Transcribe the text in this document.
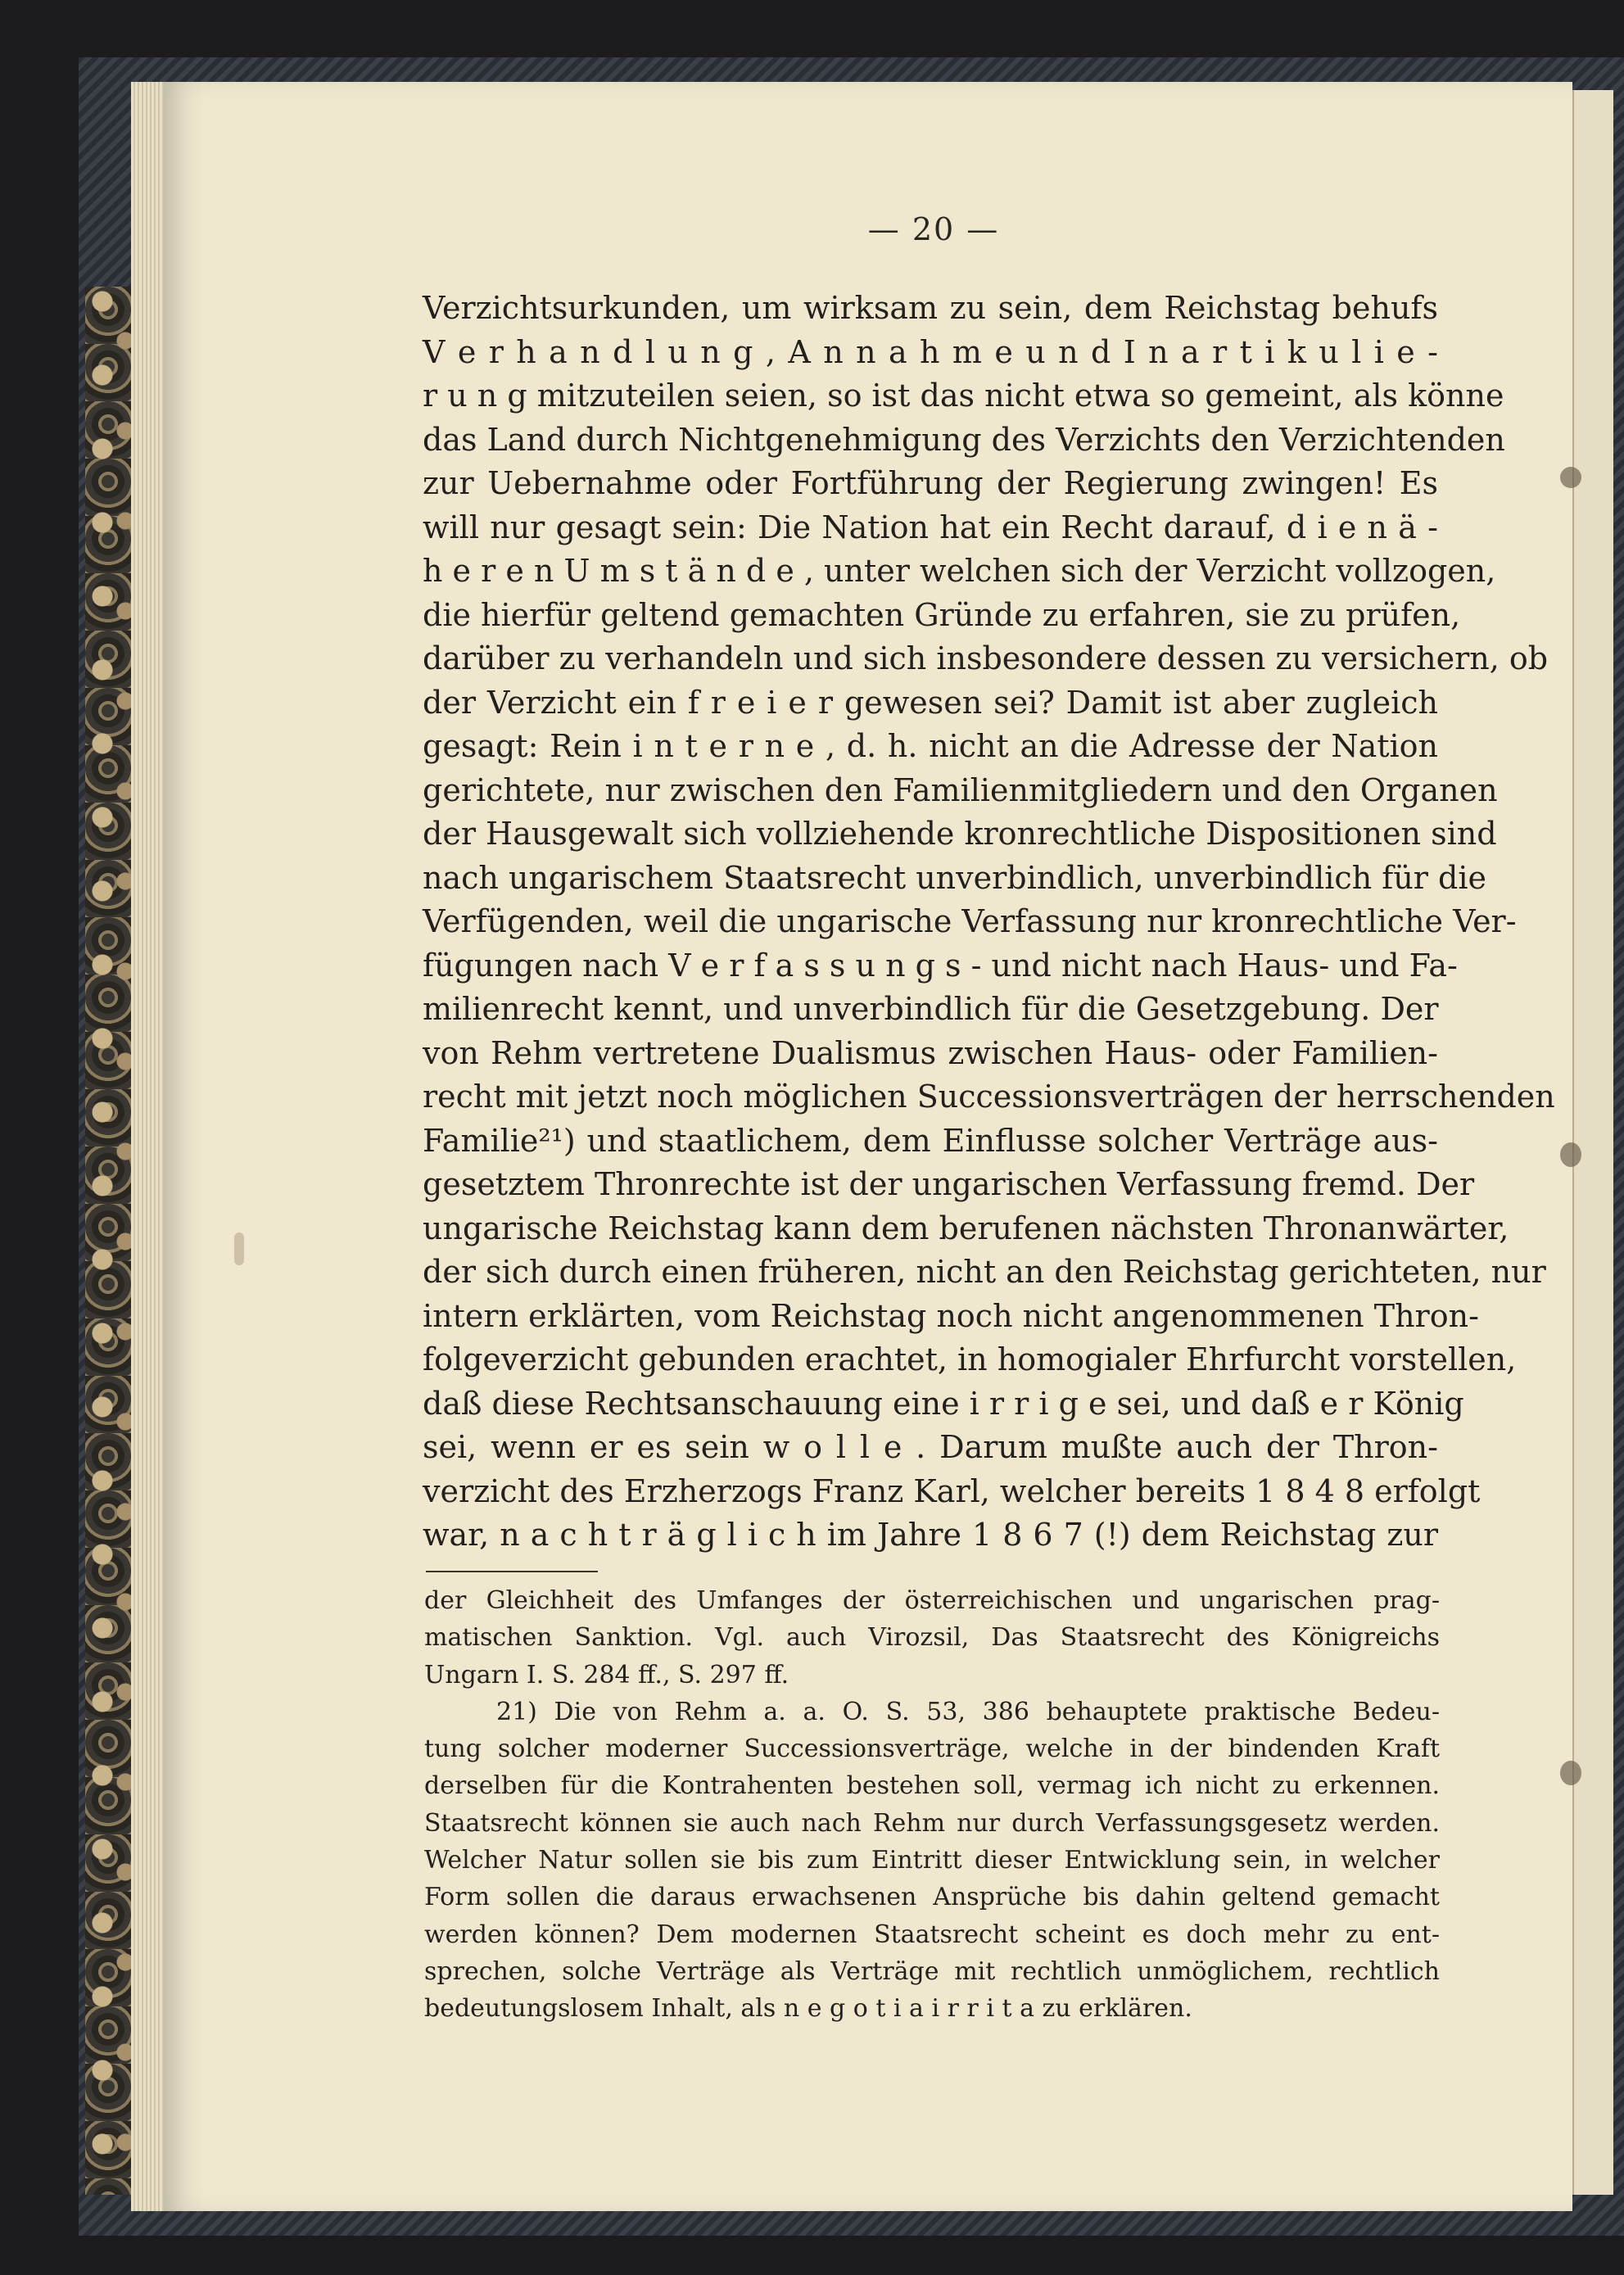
— 20 —
Verzichtsurkunden, um wirksam zu sein, dem Reichstag behufs
V e r h a n d l u n g , A n n a h m e u n d I n a r t i k u l i e -
r u n g mitzuteilen seien, so ist das nicht etwa so gemeint, als könne
das Land durch Nichtgenehmigung des Verzichts den Verzichtenden
zur Uebernahme oder Fortführung der Regierung zwingen! Es
will nur gesagt sein: Die Nation hat ein Recht darauf, d i e n ä -
h e r e n U m s t ä n d e , unter welchen sich der Verzicht vollzogen,
die hierfür geltend gemachten Gründe zu erfahren, sie zu prüfen,
darüber zu verhandeln und sich insbesondere dessen zu versichern, ob
der Verzicht ein f r e i e r gewesen sei? Damit ist aber zugleich
gesagt: Rein i n t e r n e , d. h. nicht an die Adresse der Nation
gerichtete, nur zwischen den Familienmitgliedern und den Organen
der Hausgewalt sich vollziehende kronrechtliche Dispositionen sind
nach ungarischem Staatsrecht unverbindlich, unverbindlich für die
Verfügenden, weil die ungarische Verfassung nur kronrechtliche Ver-
fügungen nach V e r f a s s u n g s - und nicht nach Haus- und Fa-
milienrecht kennt, und unverbindlich für die Gesetzgebung. Der
von Rehm vertretene Dualismus zwischen Haus- oder Familien-
recht mit jetzt noch möglichen Successionsverträgen der herrschenden
Familie²¹) und staatlichem, dem Einflusse solcher Verträge aus-
gesetztem Thronrechte ist der ungarischen Verfassung fremd. Der
ungarische Reichstag kann dem berufenen nächsten Thronanwärter,
der sich durch einen früheren, nicht an den Reichstag gerichteten, nur
intern erklärten, vom Reichstag noch nicht angenommenen Thron-
folgeverzicht gebunden erachtet, in homogialer Ehrfurcht vorstellen,
daß diese Rechtsanschauung eine i r r i g e sei, und daß e r König
sei, wenn er es sein w o l l e . Darum mußte auch der Thron-
verzicht des Erzherzogs Franz Karl, welcher bereits 1 8 4 8 erfolgt
war, n a c h t r ä g l i c h im Jahre 1 8 6 7 (!) dem Reichstag zur
der Gleichheit des Umfanges der österreichischen und ungarischen prag-
matischen Sanktion. Vgl. auch Virozsil, Das Staatsrecht des Königreichs
Ungarn I. S. 284 ff., S. 297 ff.
21) Die von Rehm a. a. O. S. 53, 386 behauptete praktische Bedeu-
tung solcher moderner Successionsverträge, welche in der bindenden Kraft
derselben für die Kontrahenten bestehen soll, vermag ich nicht zu erkennen.
Staatsrecht können sie auch nach Rehm nur durch Verfassungsgesetz werden.
Welcher Natur sollen sie bis zum Eintritt dieser Entwicklung sein, in welcher
Form sollen die daraus erwachsenen Ansprüche bis dahin geltend gemacht
werden können? Dem modernen Staatsrecht scheint es doch mehr zu ent-
sprechen, solche Verträge als Verträge mit rechtlich unmöglichem, rechtlich
bedeutungslosem Inhalt, als n e g o t i a i r r i t a zu erklären.
